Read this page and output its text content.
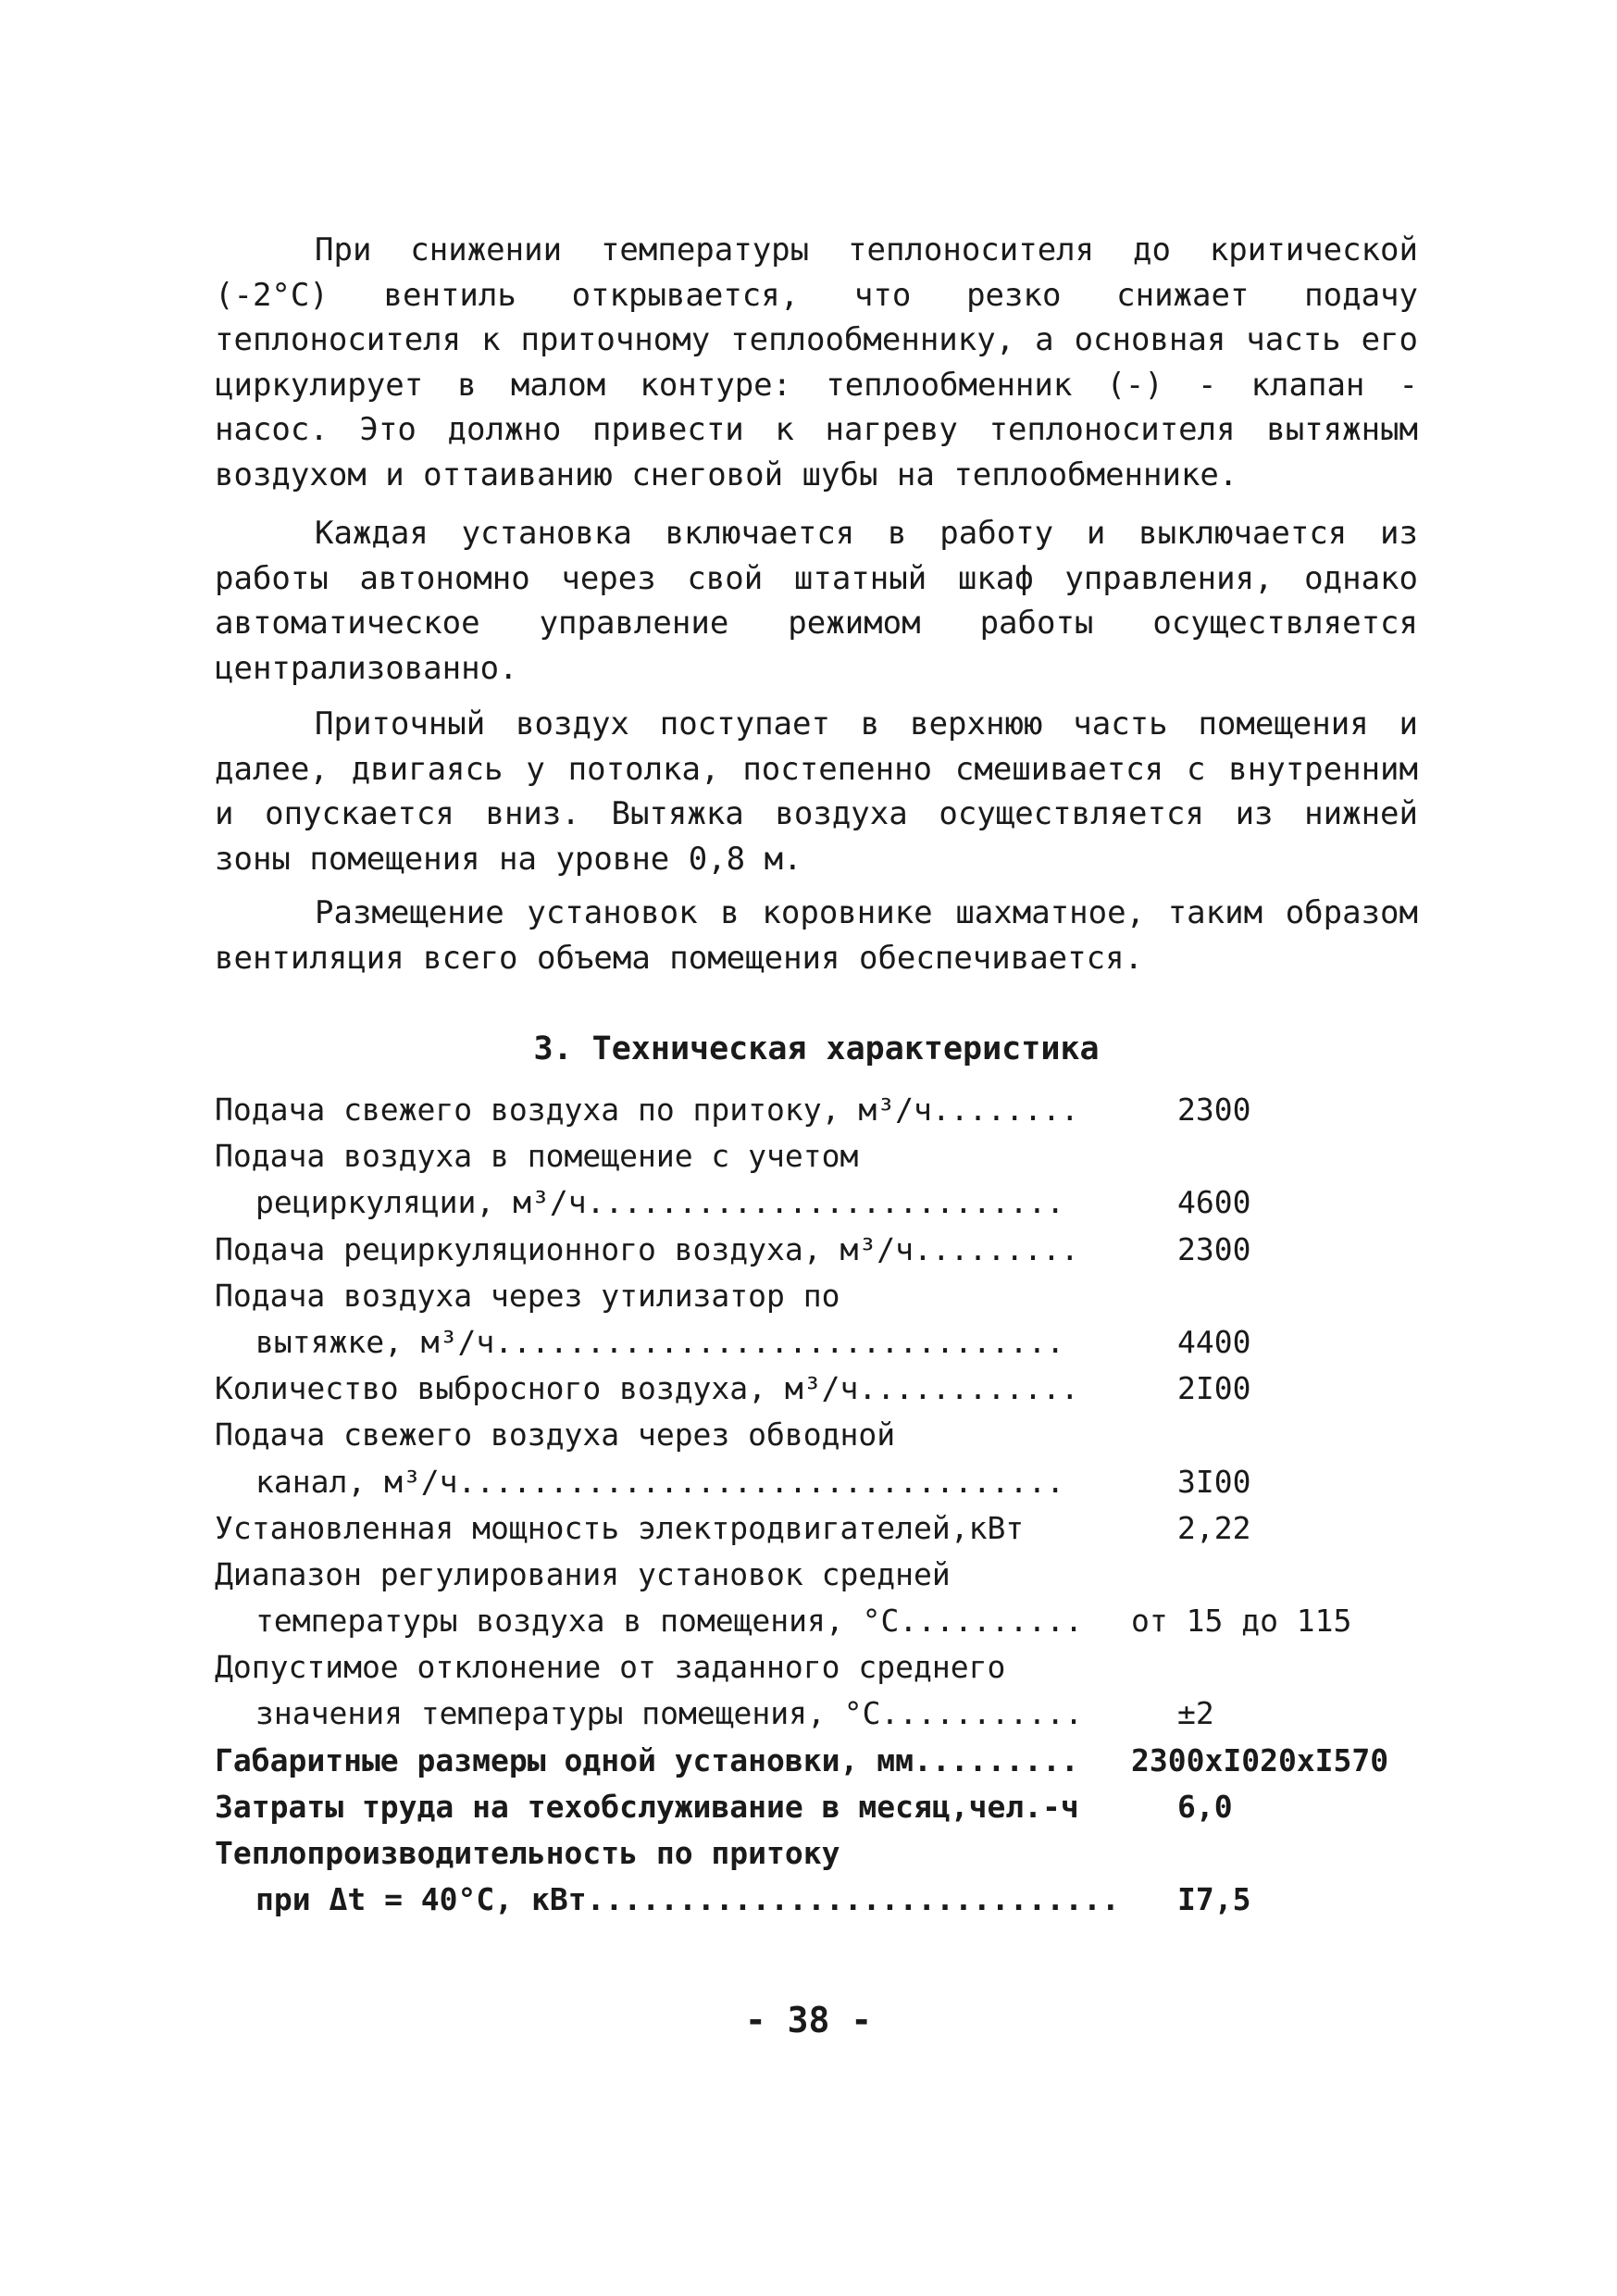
При снижении температуры теплоносителя до критической (-2°С) вентиль открывается, что резко снижает подачу теплоносителя к приточному теплообменнику, а основная часть его циркулирует в малом контуре: теплообменник (-) - клапан - насос. Это должно привести к нагреву теплоносителя вытяжным воздухом и оттаиванию снеговой шубы на теплообменнике.

Каждая установка включается в работу и выключается из работы автономно через свой штатный шкаф управления, однако автоматическое управление режимом работы осуществляется централизованно.

Приточный воздух поступает в верхнюю часть помещения и далее, двигаясь у потолка, постепенно смешивается с внутренним и опускается вниз. Вытяжка воздуха осуществляется из нижней зоны помещения на уровне 0,8 м.

Размещение установок в коровнике шахматное, таким образом вентиляция всего объема помещения обеспечивается.

3. Техническая характеристика
Подача свежего воздуха по притоку, м³/ч........	2300
Подача воздуха в помещение с учетом
рециркуляции, м³/ч..........................	4600
Подача рециркуляционного воздуха, м³/ч.........	2300
Подача воздуха через утилизатор по
вытяжке, м³/ч...............................	4400
Количество выбросного воздуха, м³/ч............	2I00
Подача свежего воздуха через обводной
канал, м³/ч.................................	3I00
Установленная мощность электродвигателей,кВт	2,22
Диапазон регулирования установок средней
температуры воздуха в помещения, °С.......... от 15 до 115
Допустимое отклонение от заданного среднего
значения температуры помещения, °С...........	±2
Габаритные размеры одной установки, мм......... 2300хI020хI570
Затраты труда на техобслуживание в месяц,чел.-ч	6,0
Теплопроизводительность по притоку
при Δt = 40°С, кВт............................. I7,5
- 38 -
